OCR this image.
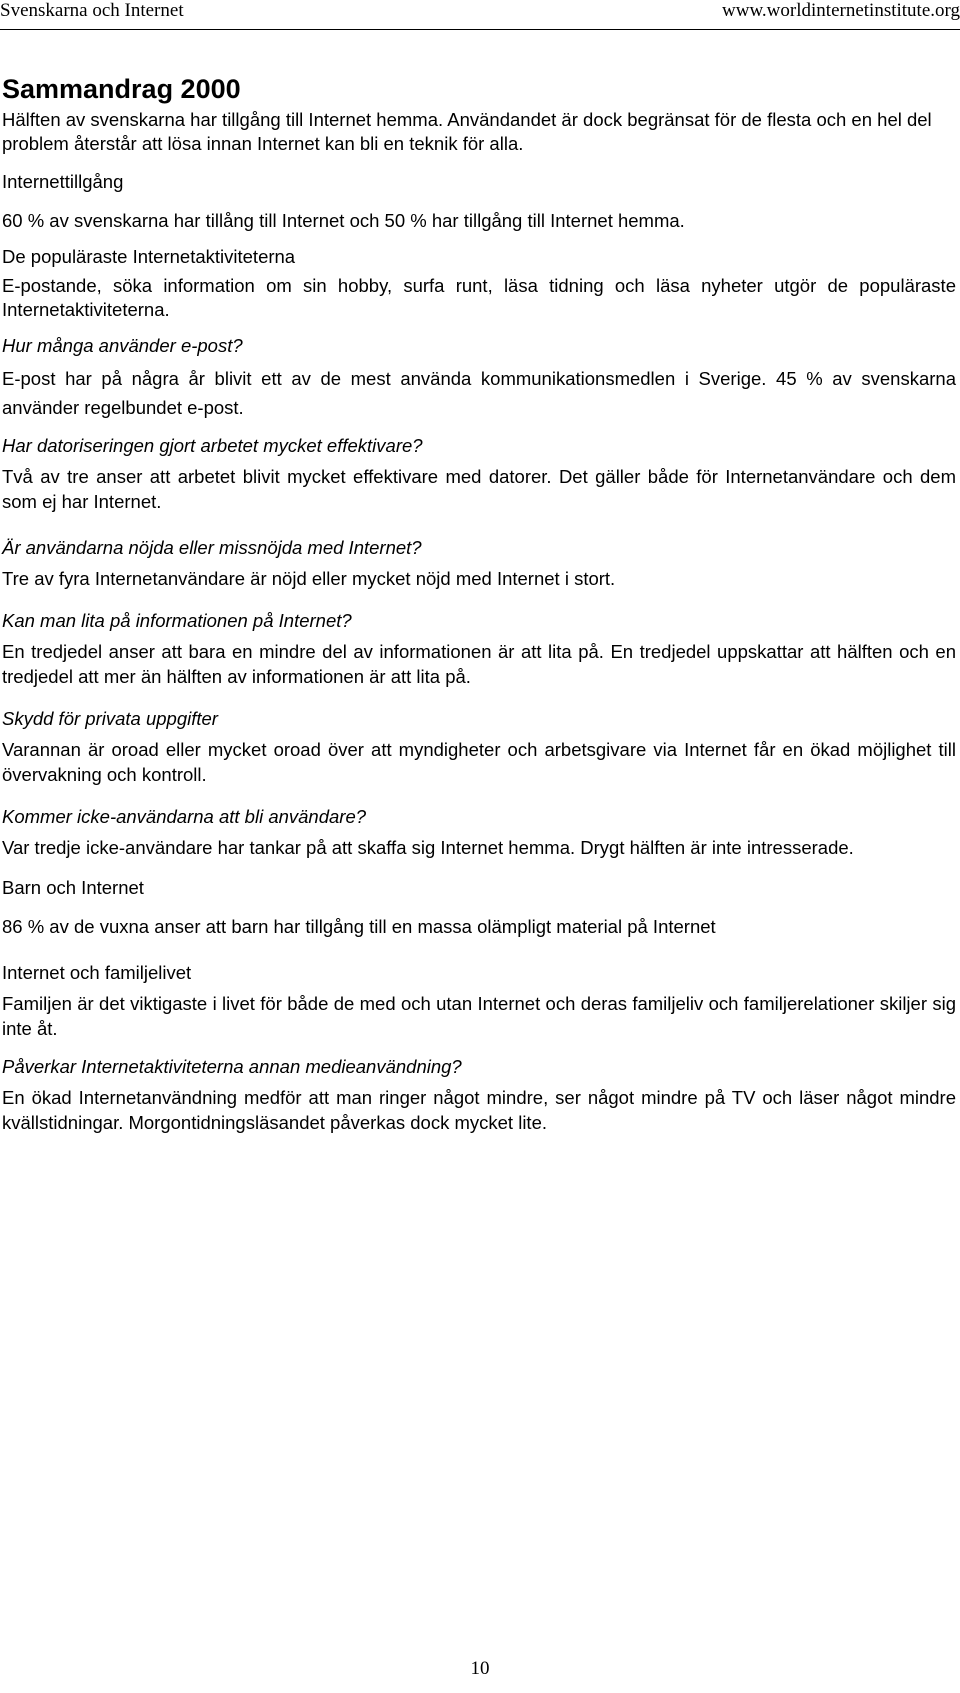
Svenskarna och Internet	www.worldinternetinstitute.org
Sammandrag 2000

Hälften av svenskarna har tillgång till Internet hemma. Användandet är dock begränsat för de flesta och en hel del problem återstår att lösa innan Internet kan bli en teknik för alla.

Internettillgång

60 % av svenskarna har tillång till Internet och 50 % har tillgång till Internet hemma.

De populäraste Internetaktiviteterna

E-postande, söka information om sin hobby, surfa runt, läsa tidning och läsa nyheter utgör de populäraste Internetaktiviteterna.

Hur många använder e-post?

E-post har på några år blivit ett av de mest använda kommunikationsmedlen i Sverige. 45 % av svenskarna använder regelbundet e-post.

Har datoriseringen gjort arbetet mycket effektivare?

Två av tre anser att arbetet blivit mycket effektivare med datorer. Det gäller både för Internetanvändare och dem som ej har Internet.

Är användarna nöjda eller missnöjda med Internet?

Tre av fyra Internetanvändare är nöjd eller mycket nöjd med Internet i stort.

Kan man lita på informationen på Internet?

En tredjedel anser att bara en mindre del av informationen är att lita på. En tredjedel uppskattar att hälften och en tredjedel att mer än hälften av informationen är att lita på.

Skydd för privata uppgifter

Varannan är oroad eller mycket oroad över att myndigheter och arbetsgivare via Internet får en ökad möjlighet till övervakning och kontroll.

Kommer icke-användarna att bli användare?

Var tredje icke-användare har tankar på att skaffa sig Internet hemma. Drygt hälften är inte intresserade.

Barn och Internet

86 % av de vuxna anser att barn har tillgång till en massa olämpligt material på Internet

Internet och familjelivet

Familjen är det viktigaste i livet för både de med och utan Internet och deras familjeliv och familjerelationer skiljer sig inte åt.

Påverkar Internetaktiviteterna annan medieanvändning?

En ökad Internetanvändning medför att man ringer något mindre, ser något mindre på TV och läser något mindre kvällstidningar. Morgontidningsläsandet påverkas dock mycket lite.

10
